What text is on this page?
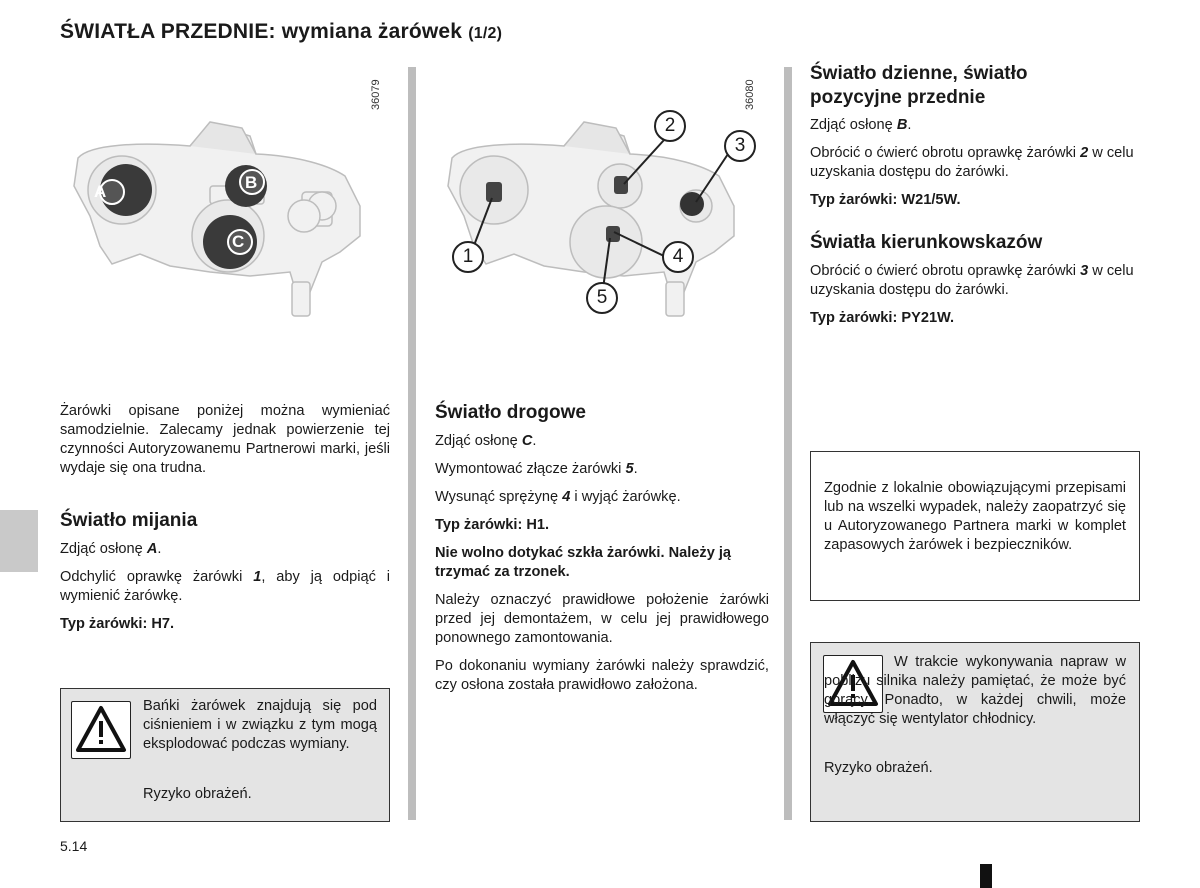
ŚWIATŁA PRZEDNIE: wymiana żarówek (1/2)
A	B
C
36079
1
2
3
4
5
36080

Żarówki opisane poniżej można wymieniać samodzielnie. Zalecamy jednak powierzenie tej czynności Autoryzowanemu Partnerowi marki, jeśli wydaje się ona trudna.

Światło mijania

Zdjąć osłonę A.

Odchylić oprawkę żarówki 1, aby ją odpiąć i wymienić żarówkę.

Typ żarówki: H7.

Bańki żarówek znajdują się pod ciśnieniem i w związku z tym mogą eksplodować podczas wymiany.

Ryzyko obrażeń.

Światło drogowe

Zdjąć osłonę C.

Wymontować złącze żarówki 5.

Wysunąć sprężynę 4 i wyjąć żarówkę.

Typ żarówki: H1.

Nie wolno dotykać szkła żarówki. Należy ją trzymać za trzonek.

Należy oznaczyć prawidłowe położenie żarówki przed jej demontażem, w celu jej prawidłowego ponownego zamontowania.

Po dokonaniu wymiany żarówki należy sprawdzić, czy osłona została prawidłowo założona.

Światło dzienne, światło
pozycyjne przednie

Zdjąć osłonę B.

Obrócić o ćwierć obrotu oprawkę żarówki 2 w celu uzyskania dostępu do żarówki.

Typ żarówki: W21/5W.

Światła kierunkowskazów

Obrócić o ćwierć obrotu oprawkę żarówki 3 w celu uzyskania dostępu do żarówki.

Typ żarówki: PY21W.

Zgodnie z lokalnie obowiązującymi przepisami lub na wszelki wypadek, należy zaopatrzyć się u Autoryzowanego Partnera marki w komplet zapasowych żarówek i bezpieczników.

W trakcie wykonywania napraw w pobliżu silnika należy pamiętać, że może być gorący. Ponadto, w każdej chwili, może włączyć się wentylator chłodnicy.

Ryzyko obrażeń.

5.14
